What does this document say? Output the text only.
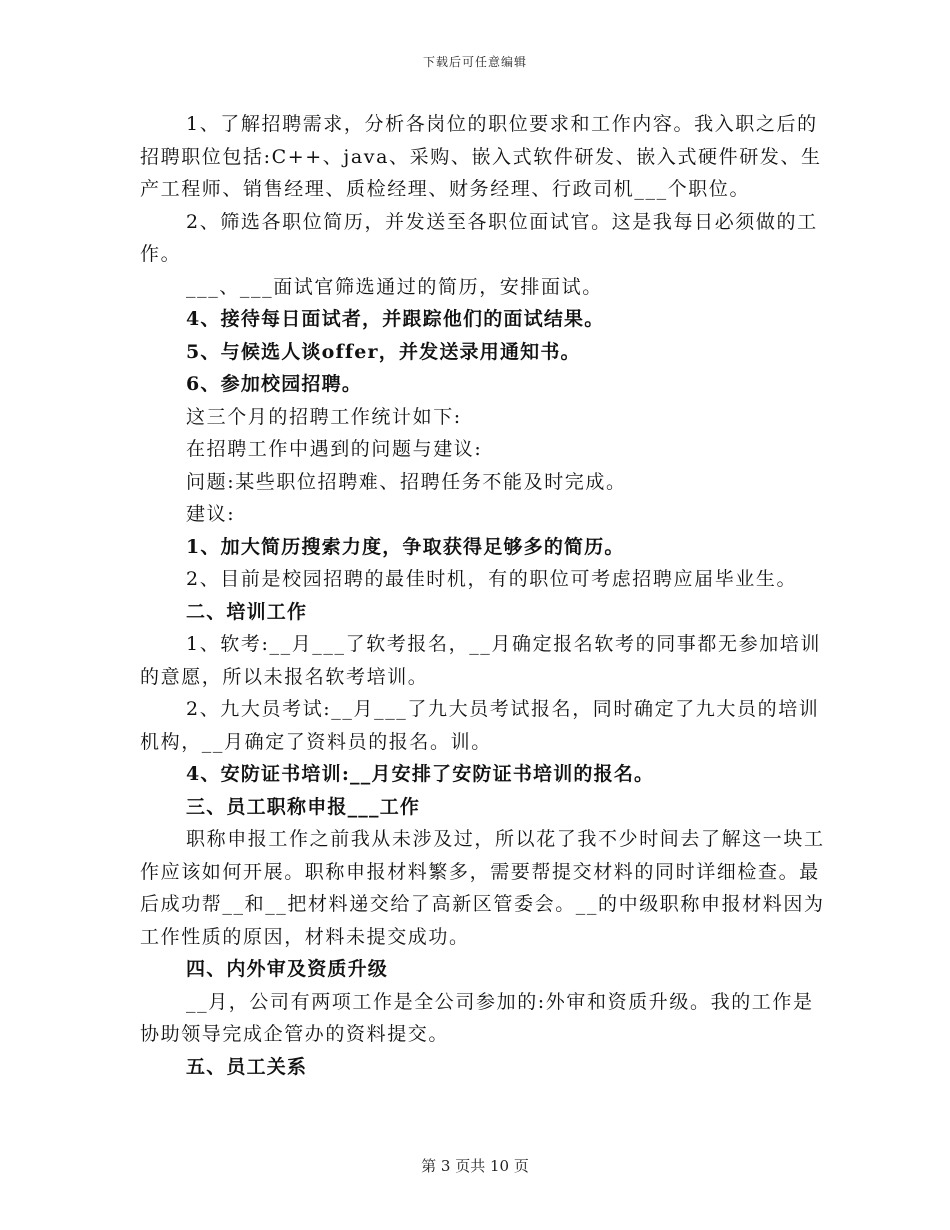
下载后可任意编辑

1、了解招聘需求，分析各岗位的职位要求和工作内容。我入职之后的招聘职位包括:C++、java、采购、嵌入式软件研发、嵌入式硬件研发、生产工程师、销售经理、质检经理、财务经理、行政司机___个职位。

2、筛选各职位简历，并发送至各职位面试官。这是我每日必须做的工作。

___、___面试官筛选通过的简历，安排面试。

4、接待每日面试者，并跟踪他们的面试结果。

5、与候选人谈offer，并发送录用通知书。

6、参加校园招聘。

这三个月的招聘工作统计如下:

在招聘工作中遇到的问题与建议:

问题:某些职位招聘难、招聘任务不能及时完成。

建议:

1、加大简历搜索力度，争取获得足够多的简历。

2、目前是校园招聘的最佳时机，有的职位可考虑招聘应届毕业生。

二、培训工作

1、软考:__月___了软考报名，__月确定报名软考的同事都无参加培训的意愿，所以未报名软考培训。

2、九大员考试:__月___了九大员考试报名，同时确定了九大员的培训机构，__月确定了资料员的报名。训。

4、安防证书培训:__月安排了安防证书培训的报名。

三、员工职称申报___工作

职称申报工作之前我从未涉及过，所以花了我不少时间去了解这一块工作应该如何开展。职称申报材料繁多，需要帮提交材料的同时详细检查。最后成功帮__和__把材料递交给了高新区管委会。__的中级职称申报材料因为工作性质的原因，材料未提交成功。

四、内外审及资质升级

__月，公司有两项工作是全公司参加的:外审和资质升级。我的工作是协助领导完成企管办的资料提交。

五、员工关系

第 3 页共 10 页
